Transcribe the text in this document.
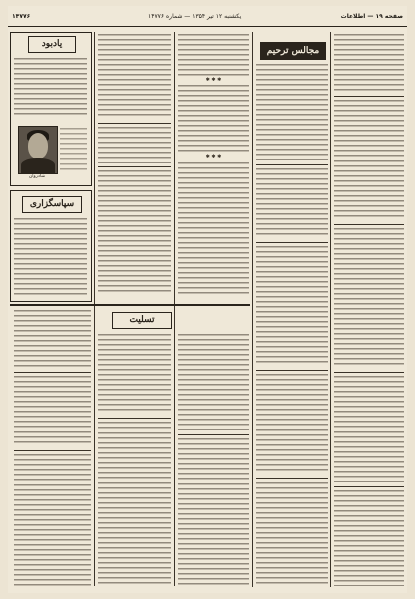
۱۴۷۷۶	یکشنبه ۱۲ تیر ۱۳۵۴ — شماره ۱۴۷۷۶	صفحه ۱۹ — اطلاعات
یادبود
شادروان
سپاسگزاری
✱ ✱ ✱
✱ ✱ ✱
مجالس ترحیم
تسلیت
